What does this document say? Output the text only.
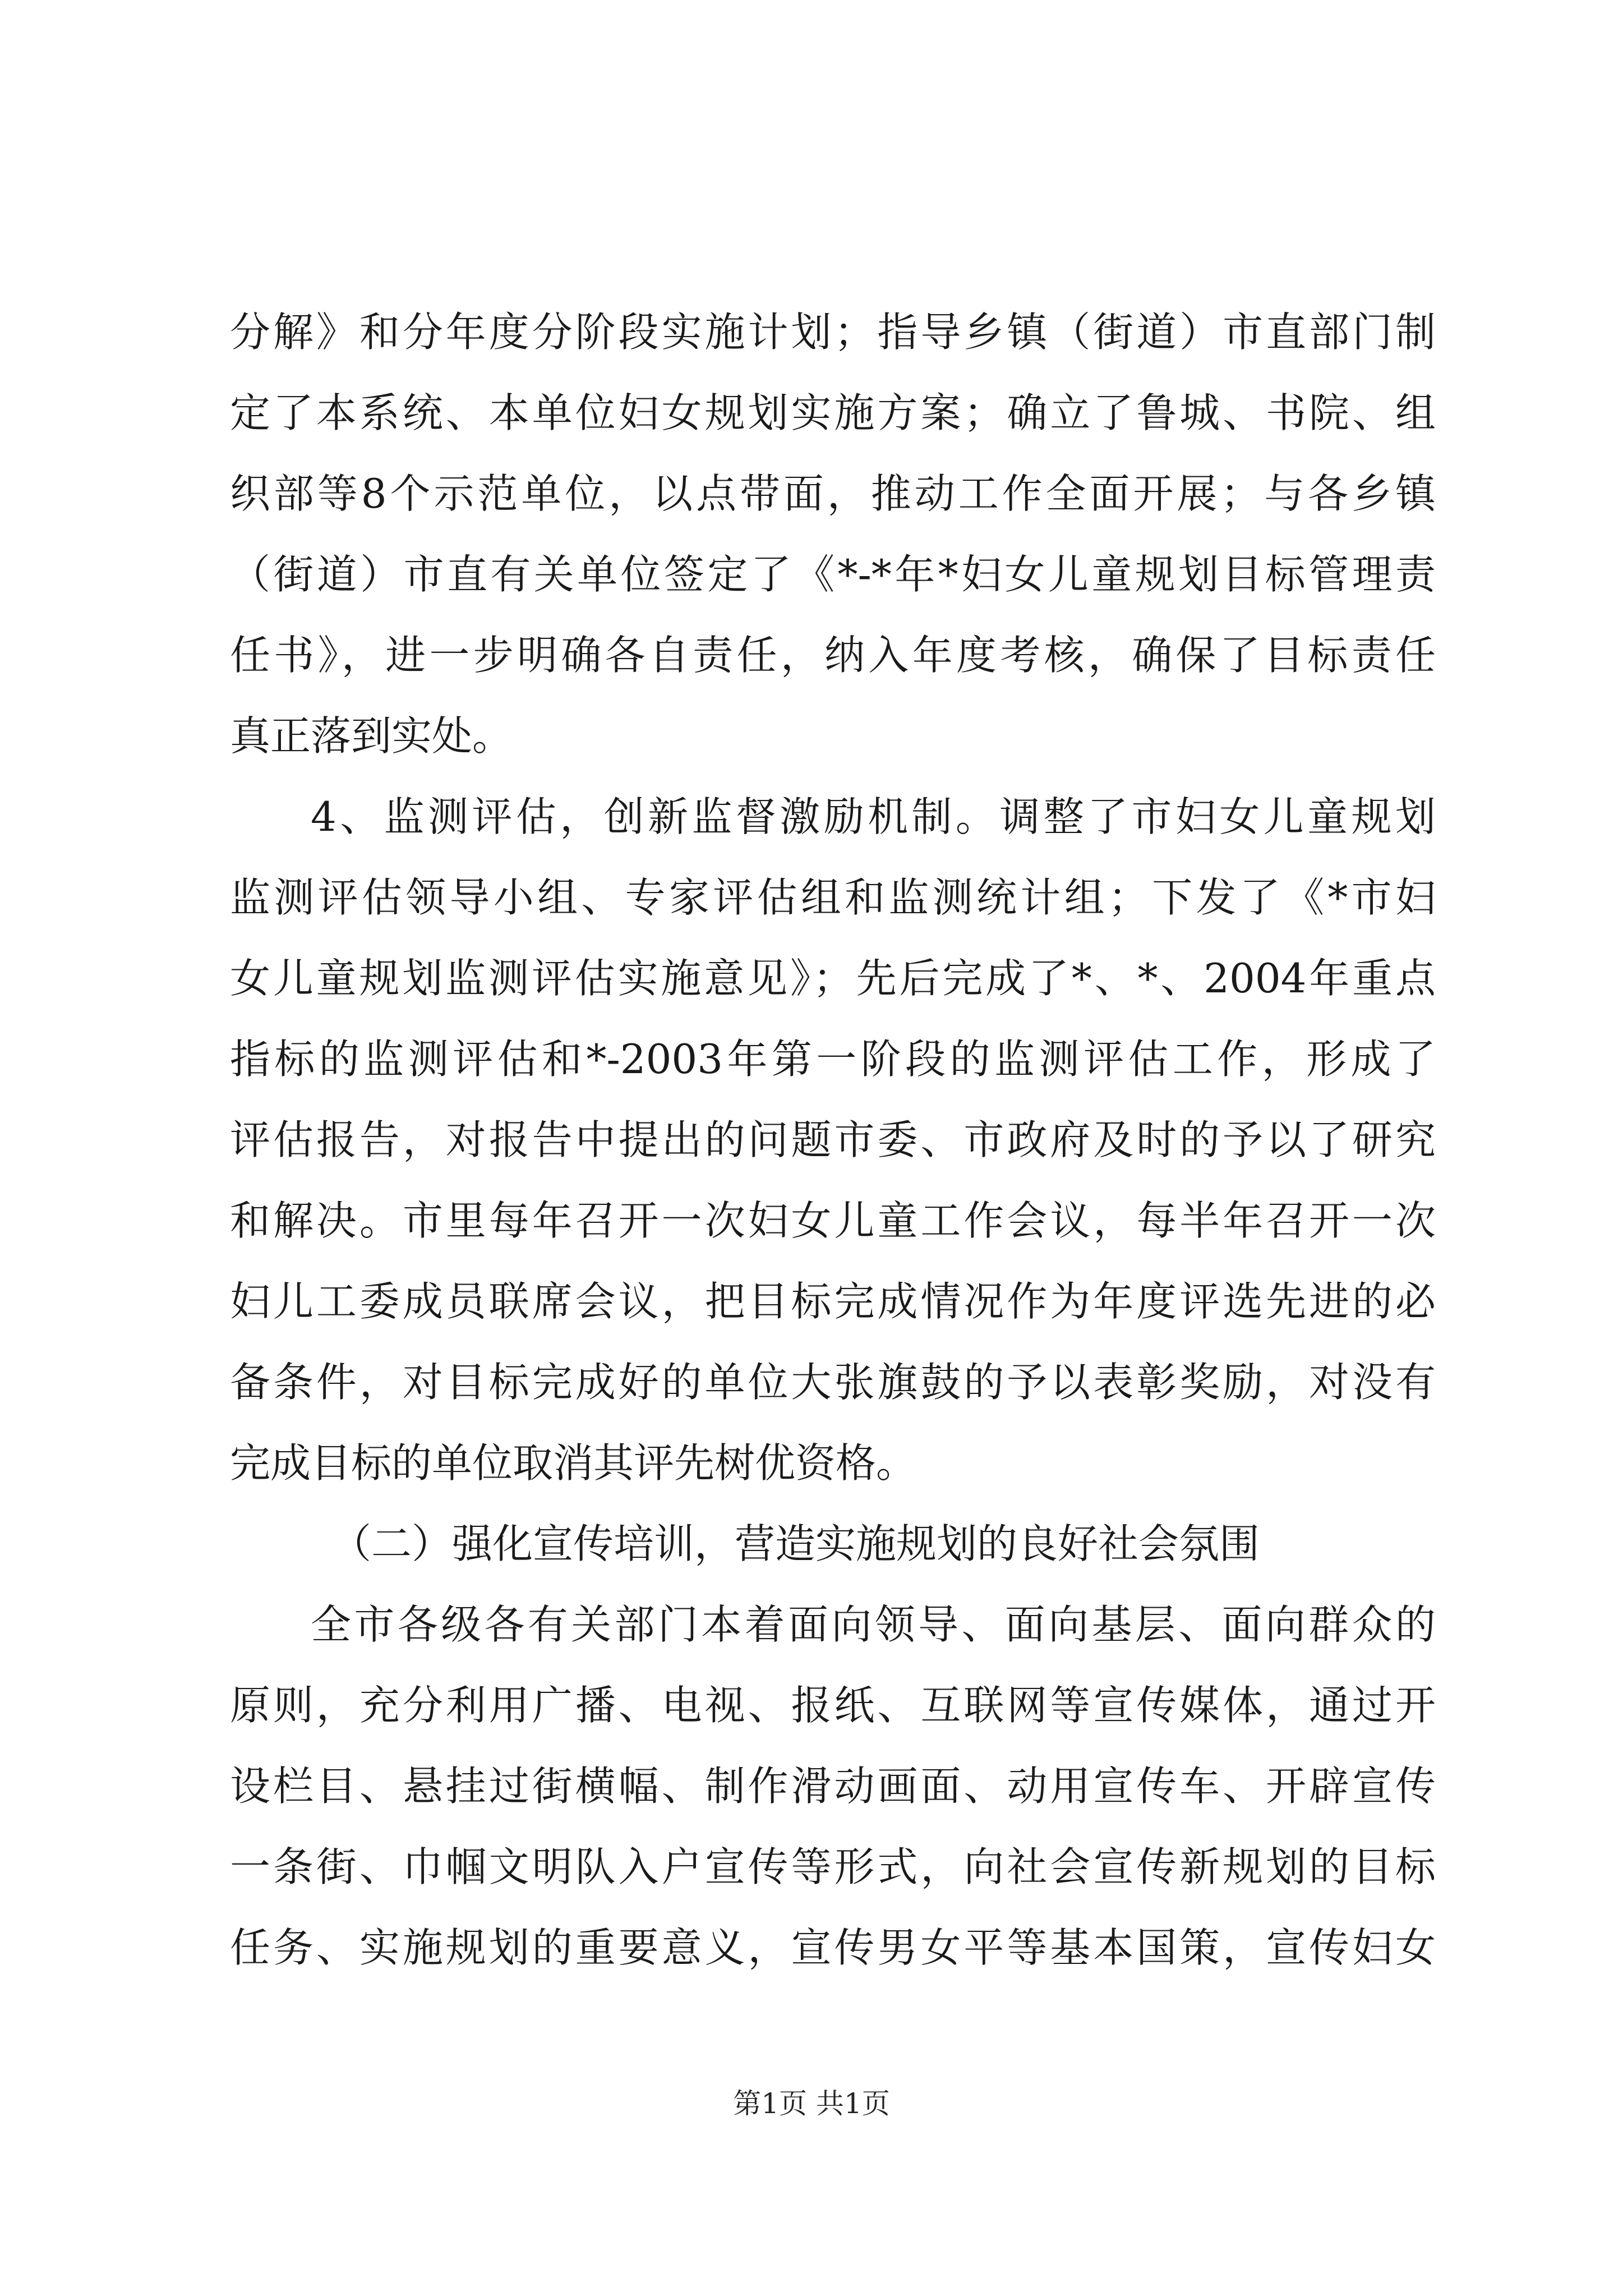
分解》和分年度分阶段实施计划；指导乡镇（街道）市直部门制
定了本系统、本单位妇女规划实施方案；确立了鲁城、书院、组
织部等8个示范单位，以点带面，推动工作全面开展；与各乡镇
（街道）市直有关单位签定了《*-*年*妇女儿童规划目标管理责
任书》，进一步明确各自责任，纳入年度考核，确保了目标责任
真正落到实处。
4、监测评估，创新监督激励机制。调整了市妇女儿童规划
监测评估领导小组、专家评估组和监测统计组；下发了《*市妇
女儿童规划监测评估实施意见》；先后完成了*、*、2004年重点
指标的监测评估和*-2003年第一阶段的监测评估工作，形成了
评估报告，对报告中提出的问题市委、市政府及时的予以了研究
和解决。市里每年召开一次妇女儿童工作会议，每半年召开一次
妇儿工委成员联席会议，把目标完成情况作为年度评选先进的必
备条件，对目标完成好的单位大张旗鼓的予以表彰奖励，对没有
完成目标的单位取消其评先树优资格。
（二）强化宣传培训，营造实施规划的良好社会氛围
全市各级各有关部门本着面向领导、面向基层、面向群众的
原则，充分利用广播、电视、报纸、互联网等宣传媒体，通过开
设栏目、悬挂过街横幅、制作滑动画面、动用宣传车、开辟宣传
一条街、巾帼文明队入户宣传等形式，向社会宣传新规划的目标
任务、实施规划的重要意义，宣传男女平等基本国策，宣传妇女
第1页 共1页
